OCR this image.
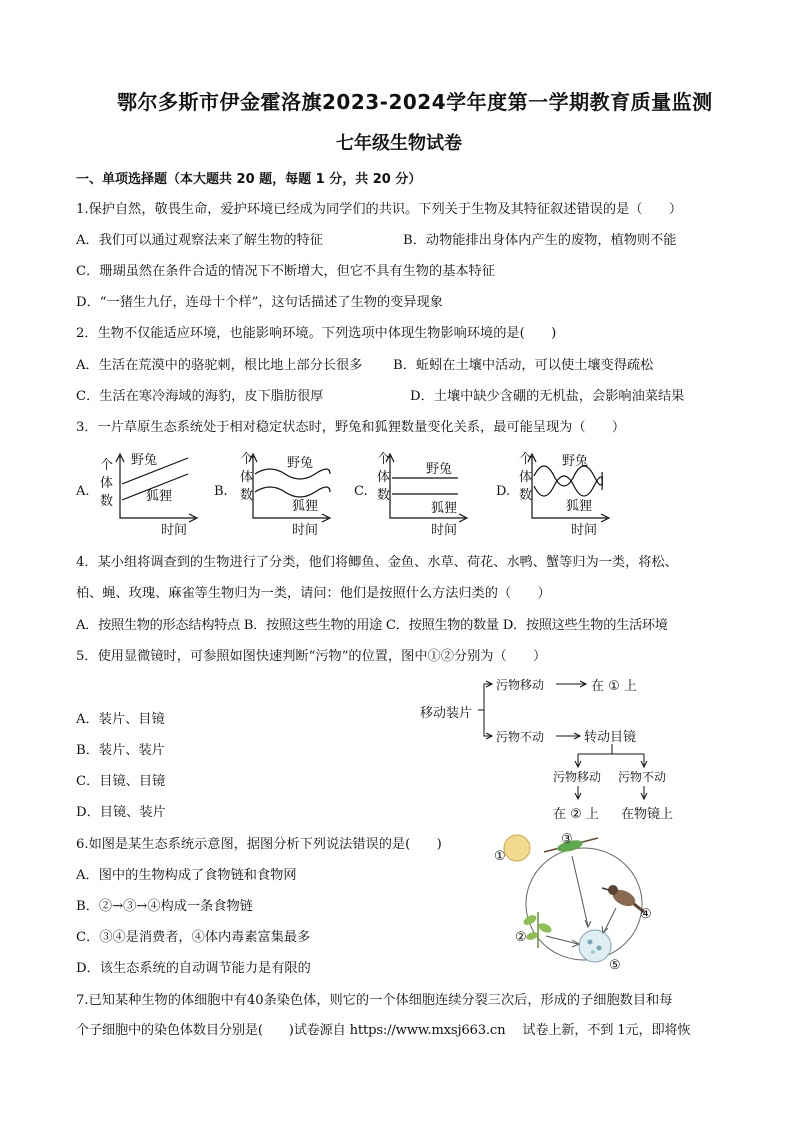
鄂尔多斯市伊金霍洛旗2023-2024学年度第一学期教育质量监测
七年级生物试卷
一、单项选择题（本大题共 20 题，每题 1 分，共 20 分）
1.保护自然，敬畏生命，爱护环境已经成为同学们的共识。下列关于生物及其特征叙述错误的是（　　）
A．我们可以通过观察法来了解生物的特征	B．动物能排出身体内产生的废物，植物则不能
C．珊瑚虽然在条件合适的情况下不断增大，但它不具有生物的基本特征
D．“一猪生九仔，连母十个样”，这句话描述了生物的变异现象
2．生物不仅能适应环境，也能影响环境。下列选项中体现生物影响环境的是(　　)
A．生活在荒漠中的骆驼刺，根比地上部分长很多 B．蚯蚓在土壤中活动，可以使土壤变得疏松
C．生活在寒冷海域的海豹，皮下脂肪很厚	D．土壤中缺少含硼的无机盐，会影响油菜结果
3．一片草原生态系统处于相对稳定状态时，野兔和狐狸数量变化关系，最可能呈现为（　　）
A.	B.	C.	D.
个
体
数
野兔
狐狸
时间
个
体
数
野兔
狐狸
时间
个
体
数
野兔
狐狸
时间
个
体
数
野兔
狐狸
时间
4．某小组将调查到的生物进行了分类，他们将鲫鱼、金鱼、水草、荷花、水鸭、蟹等归为一类，将松、
柏、蝇、玫瑰、麻雀等生物归为一类，请问：他们是按照什么方法归类的（　　）
A．按照生物的形态结构特点 B．按照这些生物的用途 C．按照生物的数量 D．按照这些生物的生活环境
5．使用显微镜时，可参照如图快速判断“污物”的位置，图中①②分别为（　　）
A．装片、目镜
B．装片、装片
C．目镜、目镜
D．目镜、装片
移动装片
污物移动	在 ① 上
污物不动	转动目镜
污物移动 污物不动
在 ② 上 在物镜上
6.如图是某生态系统示意图，据图分析下列说法错误的是(　　)
A．图中的生物构成了食物链和食物网
B．②→③→④构成一条食物链
C．③④是消费者，④体内毒素富集最多
D．该生态系统的自动调节能力是有限的
①
②
③
④
⑤
7.已知某种生物的体细胞中有40条染色体，则它的一个体细胞连续分裂三次后，形成的子细胞数目和每
个子细胞中的染色体数目分别是(　　)试卷源自 https://www.mxsj663.cn　 试卷上新，不到 1元，即将恢
